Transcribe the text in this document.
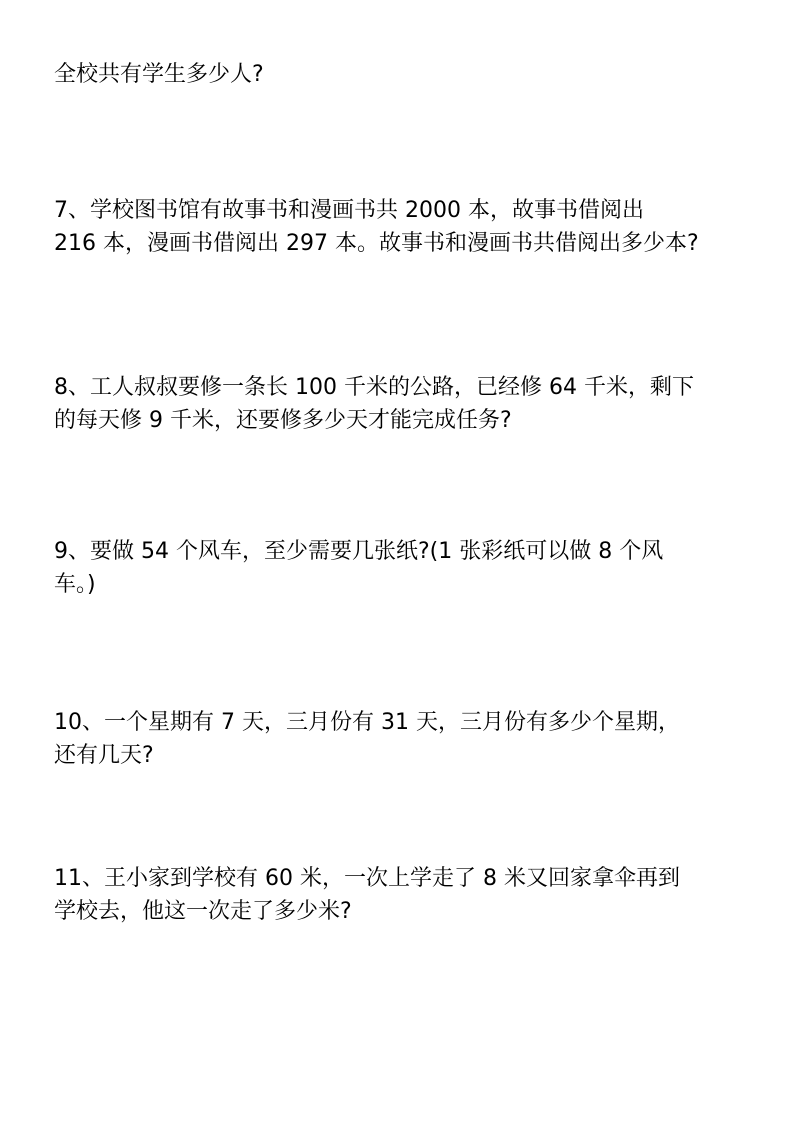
全校共有学生多少人?
7、学校图书馆有故事书和漫画书共 2000 本，故事书借阅出
216 本，漫画书借阅出 297 本。故事书和漫画书共借阅出多少本?
8、工人叔叔要修一条长 100 千米的公路，已经修 64 千米，剩下
的每天修 9 千米，还要修多少天才能完成任务?
9、要做 54 个风车，至少需要几张纸?(1 张彩纸可以做 8 个风
车。)
10、一个星期有 7 天，三月份有 31 天，三月份有多少个星期，
还有几天?
11、王小家到学校有 60 米，一次上学走了 8 米又回家拿伞再到
学校去，他这一次走了多少米?
